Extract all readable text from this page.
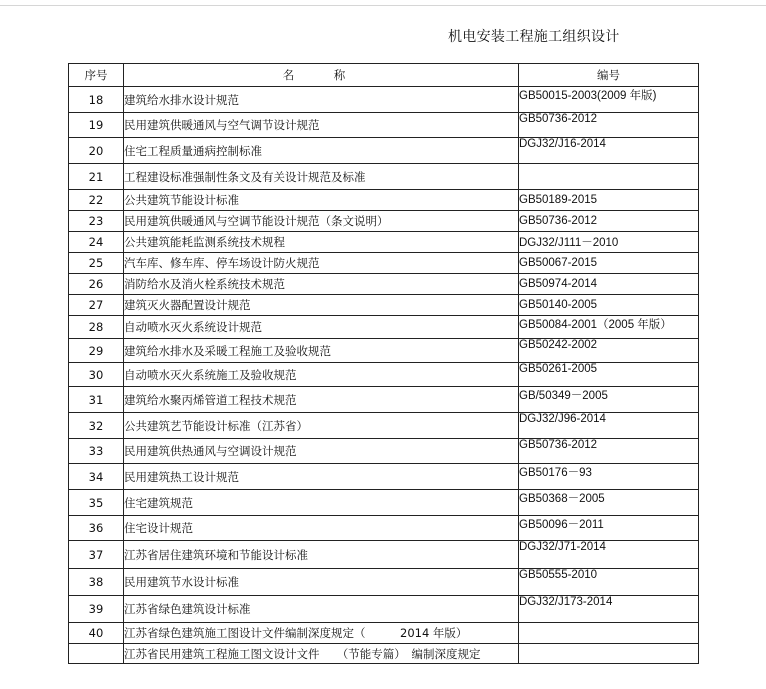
机电安装工程施工组织设计
序号	名　称	编号
18	建筑给水排水设计规范	GB50015-2003(2009 年版)
19	民用建筑供暖通风与空气调节设计规范	GB50736-2012
20	住宅工程质量通病控制标准	DGJ32/J16-2014
21	工程建设标准强制性条文及有关设计规范及标准	
22	公共建筑节能设计标准	GB50189-2015
23	民用建筑供暖通风与空调节能设计规范（条文说明）	GB50736-2012
24	公共建筑能耗监测系统技术规程	DGJ32/J111－2010
25	汽车库、修车库、停车场设计防火规范	GB50067-2015
26	消防给水及消火栓系统技术规范	GB50974-2014
27	建筑灭火器配置设计规范	GB50140-2005
28	自动喷水灭火系统设计规范	GB50084-2001（2005 年版）
29	建筑给水排水及采暖工程施工及验收规范	GB50242-2002
30	自动喷水灭火系统施工及验收规范	GB50261-2005
31	建筑给水聚丙烯管道工程技术规范	GB/50349－2005
32	公共建筑艺节能设计标准（江苏省）	DGJ32/J96-2014
33	民用建筑供热通风与空调设计规范	GB50736-2012
34	民用建筑热工设计规范	GB50176－93
35	住宅建筑规范	GB50368－2005
36	住宅设计规范	GB50096－2011
37	江苏省居住建筑环境和节能设计标准	DGJ32/J71-2014
38	民用建筑节水设计标准	GB50555-2010
39	江苏省绿色建筑设计标准	DGJ32/J173-2014
40	江苏省绿色建筑施工图设计文件编制深度规定（　　　2014 年版）	
	江苏省民用建筑工程施工图文设计文件　　（节能专篇）　编制深度规定	
